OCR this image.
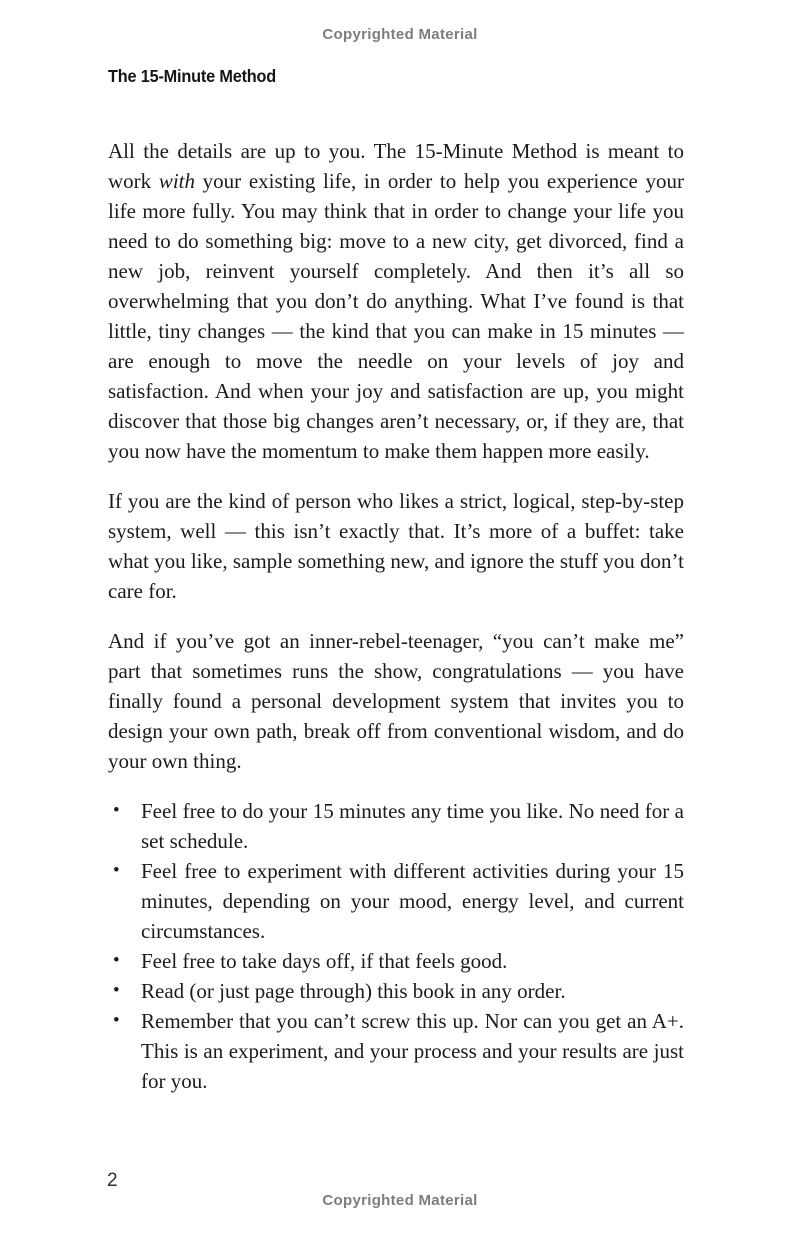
Copyrighted Material
The 15-Minute Method

All the details are up to you. The 15-Minute Method is meant to work with your existing life, in order to help you experience your life more fully. You may think that in order to change your life you need to do something big: move to a new city, get divorced, find a new job, reinvent yourself completely. And then it’s all so overwhelming that you don’t do anything. What I’ve found is that little, tiny changes — the kind that you can make in 15 minutes — are enough to move the needle on your levels of joy and satisfaction. And when your joy and satisfaction are up, you might discover that those big changes aren’t necessary, or, if they are, that you now have the momentum to make them happen more easily.

If you are the kind of person who likes a strict, logical, step-by-step system, well — this isn’t exactly that. It’s more of a buffet: take what you like, sample something new, and ignore the stuff you don’t care for.

And if you’ve got an inner-rebel-teenager, “you can’t make me” part that sometimes runs the show, congratulations — you have finally found a personal development system that invites you to design your own path, break off from conventional wisdom, and do your own thing.

• Feel free to do your 15 minutes any time you like. No need for a set schedule.
• Feel free to experiment with different activities during your 15 minutes, depending on your mood, energy level, and current circumstances.
• Feel free to take days off, if that feels good.
• Read (or just page through) this book in any order.
• Remember that you can’t screw this up. Nor can you get an A+. This is an experiment, and your process and your results are just for you.
2
Copyrighted Material
